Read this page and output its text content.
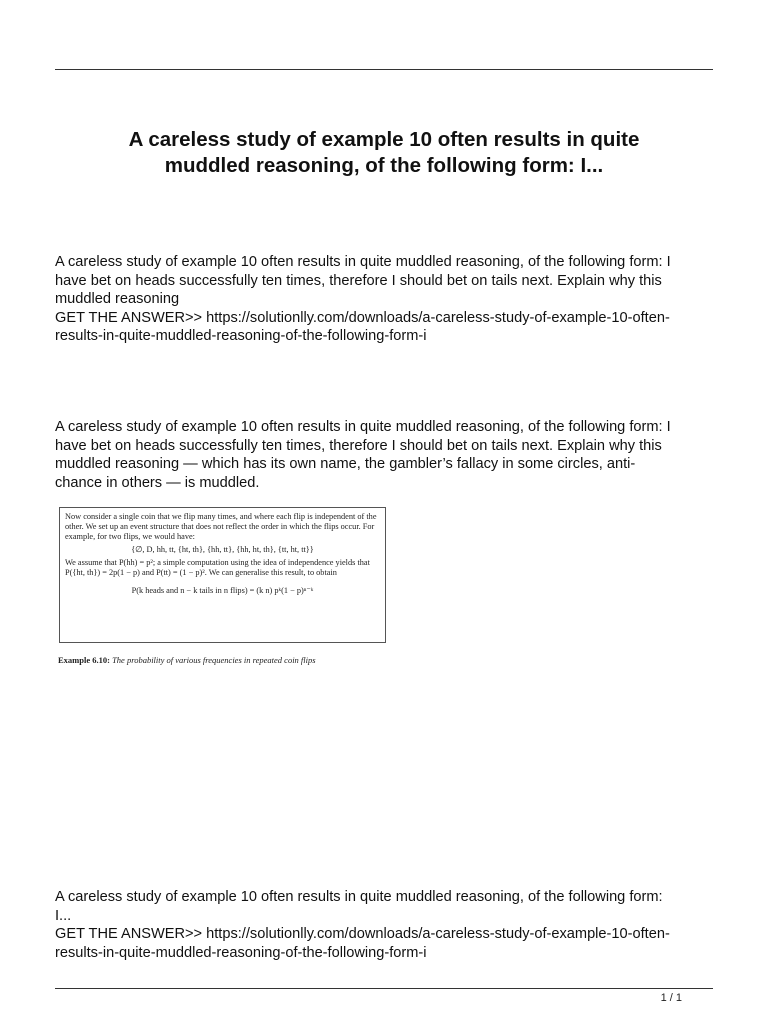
A careless study of example 10 often results in quite
muddled reasoning, of the following form: I...
A careless study of example 10 often results in quite muddled reasoning, of the following form: I
have bet on heads successfully ten times, therefore I should bet on tails next. Explain why this
muddled reasoning
GET THE ANSWER>> https://solutionlly.com/downloads/a-careless-study-of-example-10-often-
results-in-quite-muddled-reasoning-of-the-following-form-i
A careless study of example 10 often results in quite muddled reasoning, of the following form: I
have bet on heads successfully ten times, therefore I should bet on tails next. Explain why this
muddled reasoning — which has its own name, the gambler’s fallacy in some circles, anti-
chance in others — is muddled.

Now consider a single coin that we flip many times, and where each flip is independent of the other. We set up an event structure that does not reflect the order in which the flips occur. For example, for two flips, we would have:

{∅, D, hh, tt, {ht, th}, {hh, tt}, {hh, ht, th}, {tt, ht, tt}}

We assume that P(hh) = p²; a simple computation using the idea of independence yields that P({ht, th}) = 2p(1 − p) and P(tt) = (1 − p)². We can generalise this result, to obtain

P(k heads and n − k tails in n flips) = (k n) pᵏ(1 − p)ⁿ⁻ᵏ

Example 6.10: The probability of various frequencies in repeated coin flips
A careless study of example 10 often results in quite muddled reasoning, of the following form:
I...
GET THE ANSWER>> https://solutionlly.com/downloads/a-careless-study-of-example-10-often-
results-in-quite-muddled-reasoning-of-the-following-form-i
1 / 1
